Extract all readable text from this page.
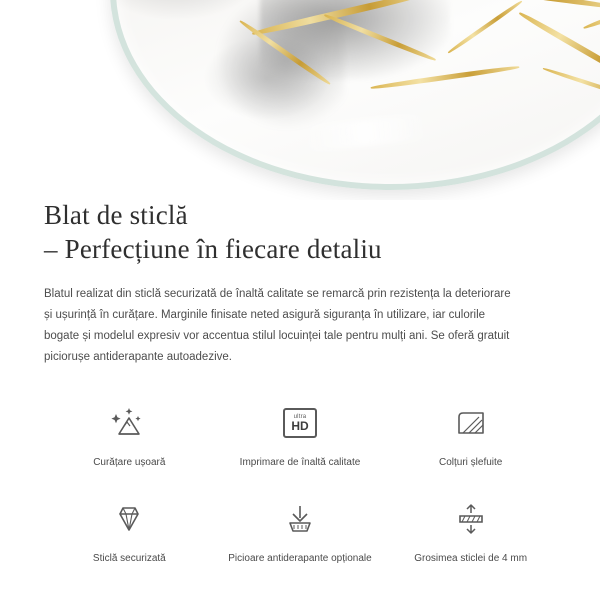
Blat de sticlă
– Perfecțiune în fiecare detaliu

Blatul realizat din sticlă securizată de înaltă calitate se remarcă prin rezistența la deteriorare și ușurință în curățare. Marginile finisate neted asigură siguranța în utilizare, iar culorile bogate și modelul expresiv vor accentua stilul locuinței tale pentru mulți ani. Se oferă gratuit piciorușe antiderapante autoadezive.

Curățare ușoară
ultra
HD
Imprimare de înaltă calitate	Colțuri șlefuite
Sticlă securizată	Picioare antiderapante opționale	Grosimea sticlei de 4 mm
